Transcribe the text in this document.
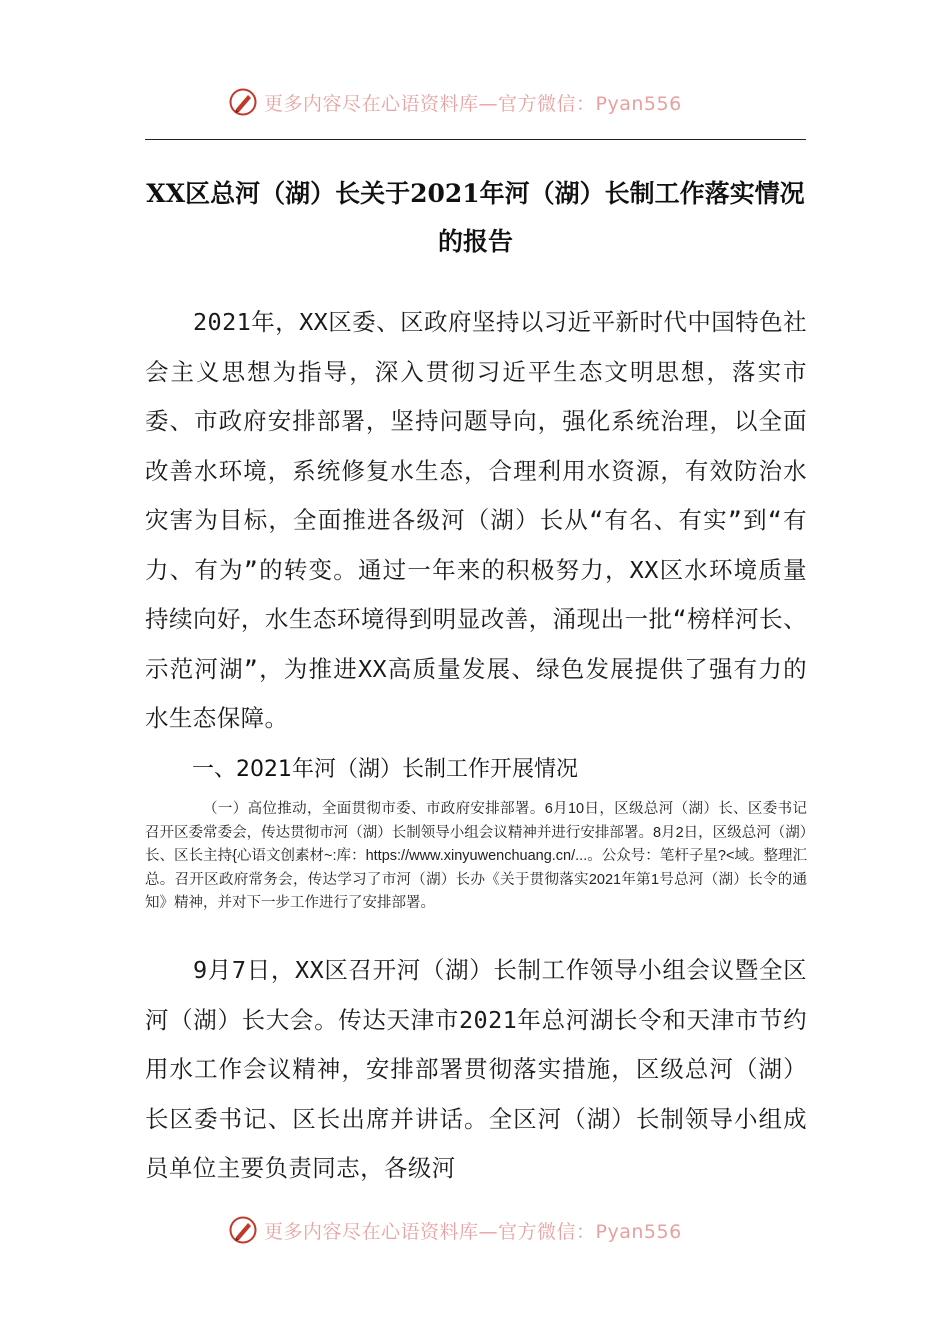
更多内容尽在心语资料库—官方微信：Pyan556
XX区总河（湖）长关于2021年河（湖）长制工作落实情况的报告
2021年，XX区委、区政府坚持以习近平新时代中国特色社会主义思想为指导，深入贯彻习近平生态文明思想，落实市委、市政府安排部署，坚持问题导向，强化系统治理，以全面改善水环境，系统修复水生态，合理利用水资源，有效防治水灾害为目标，全面推进各级河（湖）长从“有名、有实”到“有力、有为”的转变。通过一年来的积极努力，XX区水环境质量持续向好，水生态环境得到明显改善，涌现出一批“榜样河长、示范河湖”，为推进XX高质量发展、绿色发展提供了强有力的水生态保障。
一、2021年河（湖）长制工作开展情况
（一）高位推动，全面贯彻市委、市政府安排部署。6月10日，区级总河（湖）长、区委书记召开区委常委会，传达贯彻市河（湖）长制领导小组会议精神并进行安排部署。8月2日，区级总河（湖）长、区长主持{心语文创素材~:库：https://www.xinyuwenchuang.cn/...。公众号：笔杆子星?<域。整理汇总。召开区政府常务会，传达学习了市河（湖）长办《关于贯彻落实2021年第1号总河（湖）长令的通知》精神，并对下一步工作进行了安排部署。
9月7日，XX区召开河（湖）长制工作领导小组会议暨全区河（湖）长大会。传达天津市2021年总河湖长令和天津市节约用水工作会议精神，安排部署贯彻落实措施，区级总河（湖）长区委书记、区长出席并讲话。全区河（湖）长制领导小组成员单位主要负责同志，各级河
更多内容尽在心语资料库—官方微信：Pyan556
